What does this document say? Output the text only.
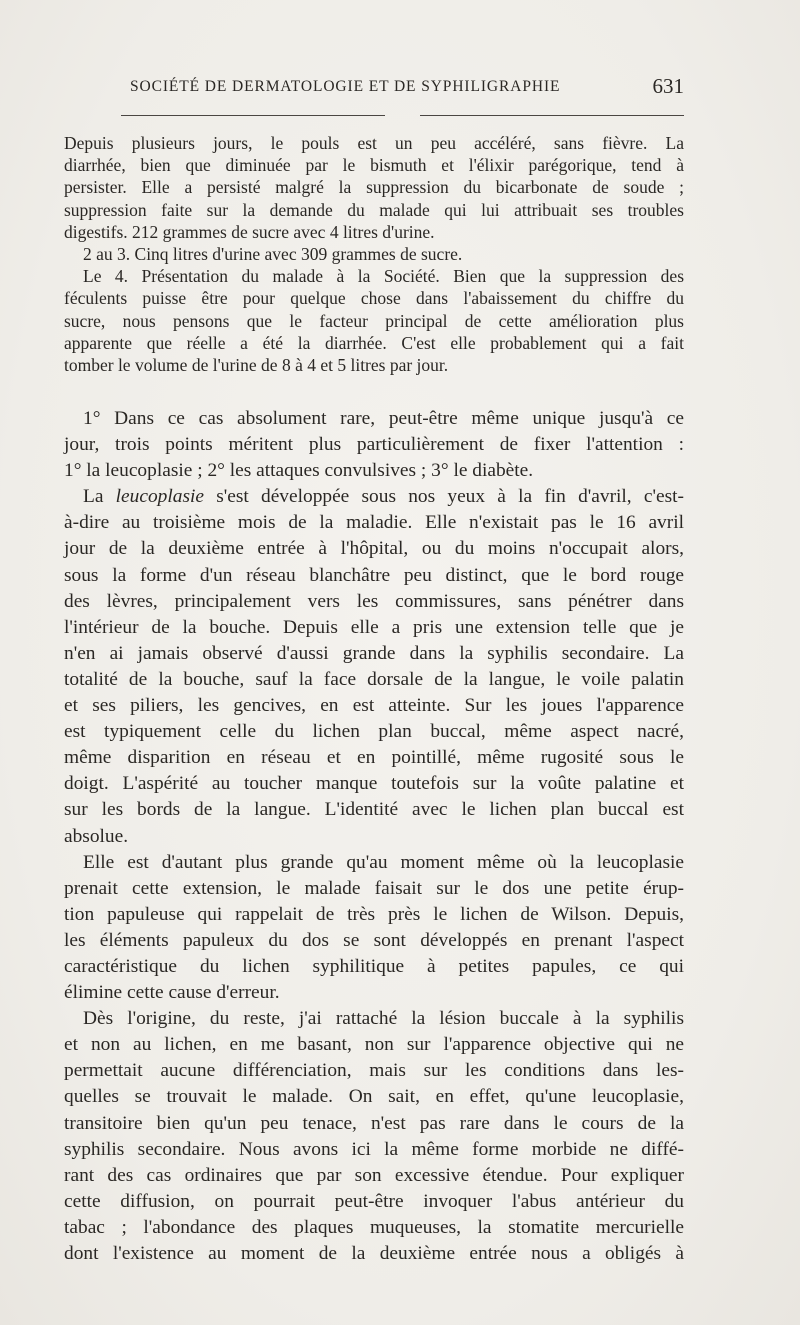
SOCIÉTÉ DE DERMATOLOGIE ET DE SYPHILIGRAPHIE	631
Depuis plusieurs jours, le pouls est un peu accéléré, sans fièvre. La
diarrhée, bien que diminuée par le bismuth et l'élixir parégorique, tend à
persister. Elle a persisté malgré la suppression du bicarbonate de soude ;
suppression faite sur la demande du malade qui lui attribuait ses troubles
digestifs. 212 grammes de sucre avec 4 litres d'urine.
2 au 3. Cinq litres d'urine avec 309 grammes de sucre.
Le 4. Présentation du malade à la Société. Bien que la suppression des
féculents puisse être pour quelque chose dans l'abaissement du chiffre du
sucre, nous pensons que le facteur principal de cette amélioration plus
apparente que réelle a été la diarrhée. C'est elle probablement qui a fait
tomber le volume de l'urine de 8 à 4 et 5 litres par jour.
1° Dans ce cas absolument rare, peut-être même unique jusqu'à ce
jour, trois points méritent plus particulièrement de fixer l'attention :
1° la leucoplasie ; 2° les attaques convulsives ; 3° le diabète.
La leucoplasie s'est développée sous nos yeux à la fin d'avril, c'est-
à-dire au troisième mois de la maladie. Elle n'existait pas le 16 avril
jour de la deuxième entrée à l'hôpital, ou du moins n'occupait alors,
sous la forme d'un réseau blanchâtre peu distinct, que le bord rouge
des lèvres, principalement vers les commissures, sans pénétrer dans
l'intérieur de la bouche. Depuis elle a pris une extension telle que je
n'en ai jamais observé d'aussi grande dans la syphilis secondaire. La
totalité de la bouche, sauf la face dorsale de la langue, le voile palatin
et ses piliers, les gencives, en est atteinte. Sur les joues l'apparence
est typiquement celle du lichen plan buccal, même aspect nacré,
même disparition en réseau et en pointillé, même rugosité sous le
doigt. L'aspérité au toucher manque toutefois sur la voûte palatine et
sur les bords de la langue. L'identité avec le lichen plan buccal est
absolue.
Elle est d'autant plus grande qu'au moment même où la leucoplasie
prenait cette extension, le malade faisait sur le dos une petite érup-
tion papuleuse qui rappelait de très près le lichen de Wilson. Depuis,
les éléments papuleux du dos se sont développés en prenant l'aspect
caractéristique du lichen syphilitique à petites papules, ce qui
élimine cette cause d'erreur.
Dès l'origine, du reste, j'ai rattaché la lésion buccale à la syphilis
et non au lichen, en me basant, non sur l'apparence objective qui ne
permettait aucune différenciation, mais sur les conditions dans les-
quelles se trouvait le malade. On sait, en effet, qu'une leucoplasie,
transitoire bien qu'un peu tenace, n'est pas rare dans le cours de la
syphilis secondaire. Nous avons ici la même forme morbide ne diffé-
rant des cas ordinaires que par son excessive étendue. Pour expliquer
cette diffusion, on pourrait peut-être invoquer l'abus antérieur du
tabac ; l'abondance des plaques muqueuses, la stomatite mercurielle
dont l'existence au moment de la deuxième entrée nous a obligés à
